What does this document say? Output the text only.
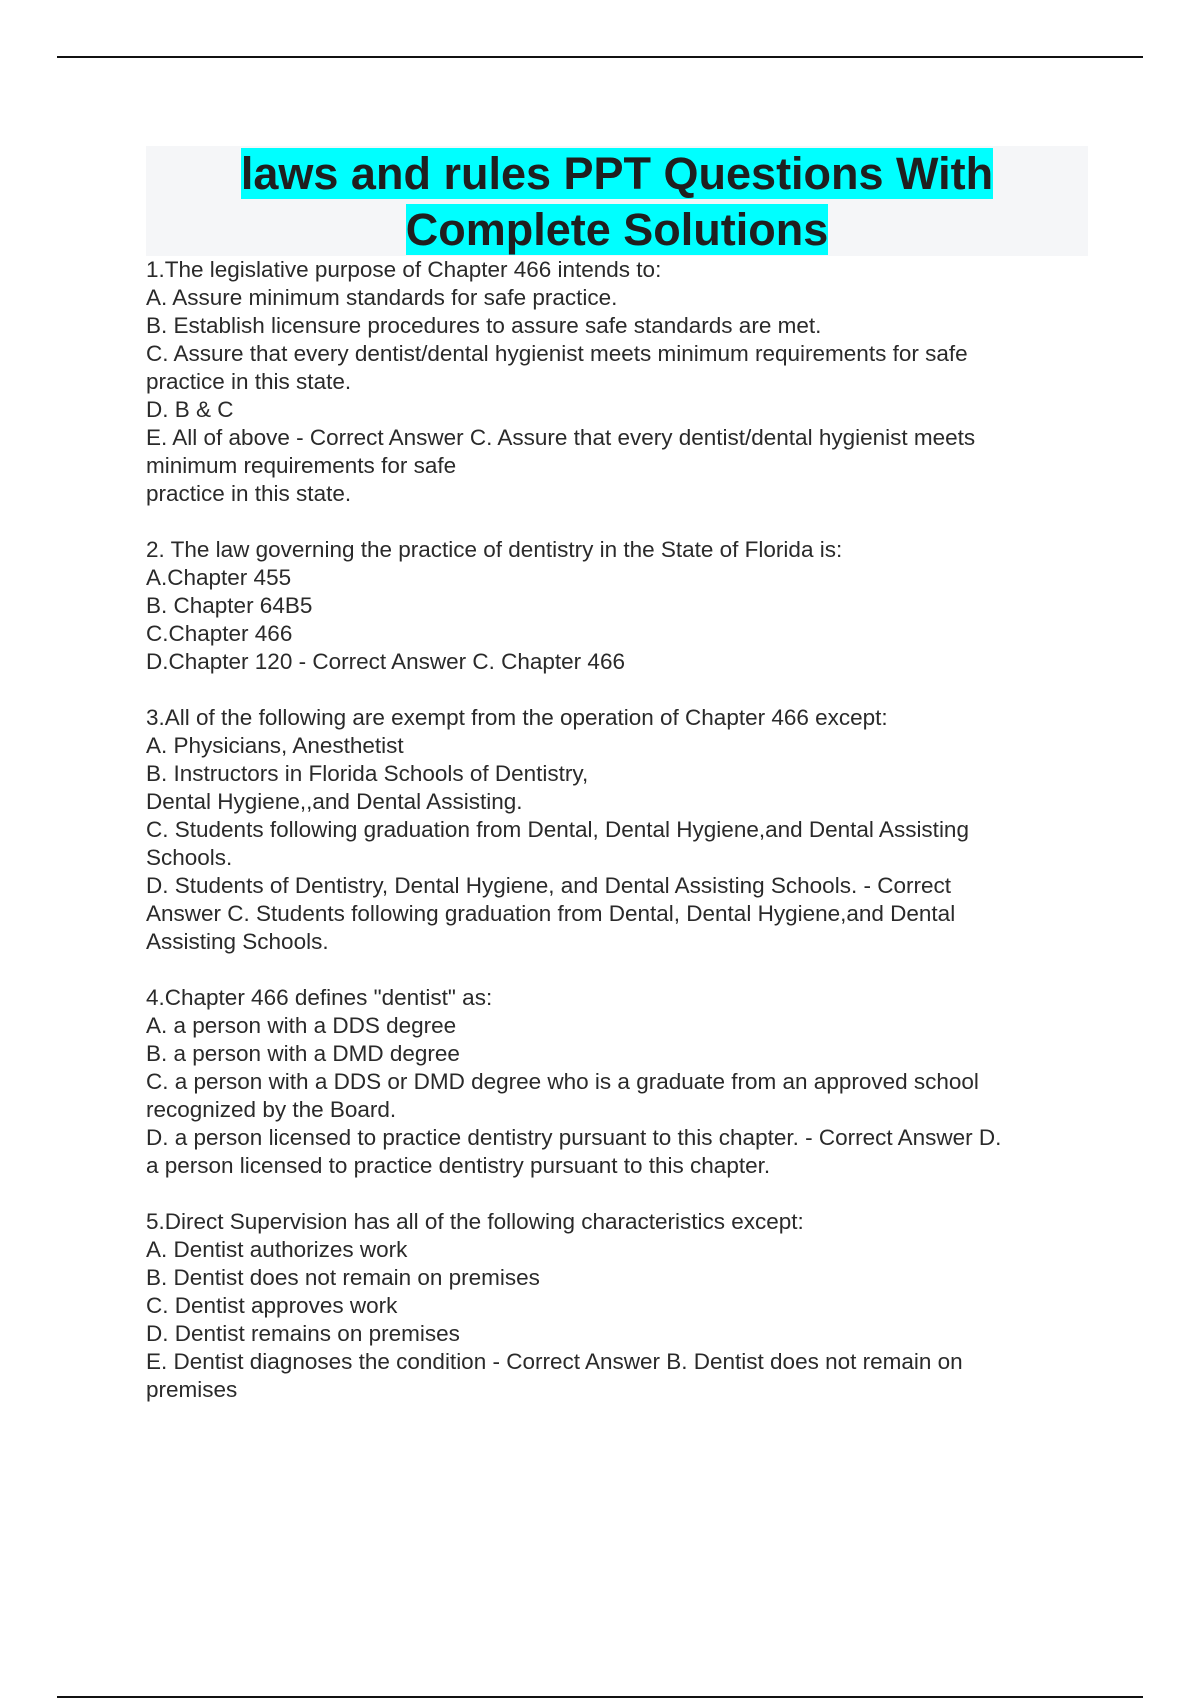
laws and rules PPT Questions With
Complete Solutions
1.The legislative purpose of Chapter 466 intends to:
A. Assure minimum standards for safe practice.
B. Establish licensure procedures to assure safe standards are met.
C. Assure that every dentist/dental hygienist meets minimum requirements for safe
practice in this state.
D. B & C
E. All of above - Correct Answer C. Assure that every dentist/dental hygienist meets
minimum requirements for safe
practice in this state.
2. The law governing the practice of dentistry in the State of Florida is:
A.Chapter 455
B. Chapter 64B5
C.Chapter 466
D.Chapter 120 - Correct Answer C. Chapter 466
3.All of the following are exempt from the operation of Chapter 466 except:
A. Physicians, Anesthetist
B. Instructors in Florida Schools of Dentistry,
Dental Hygiene,,and Dental Assisting.
C. Students following graduation from Dental, Dental Hygiene,and Dental Assisting
Schools.
D. Students of Dentistry, Dental Hygiene, and Dental Assisting Schools. - Correct
Answer C. Students following graduation from Dental, Dental Hygiene,and Dental
Assisting Schools.
4.Chapter 466 defines "dentist" as:
A. a person with a DDS degree
B. a person with a DMD degree
C. a person with a DDS or DMD degree who is a graduate from an approved school
recognized by the Board.
D. a person licensed to practice dentistry pursuant to this chapter. - Correct Answer D.
a person licensed to practice dentistry pursuant to this chapter.
5.Direct Supervision has all of the following characteristics except:
A. Dentist authorizes work
B. Dentist does not remain on premises
C. Dentist approves work
D. Dentist remains on premises
E. Dentist diagnoses the condition - Correct Answer B. Dentist does not remain on
premises
